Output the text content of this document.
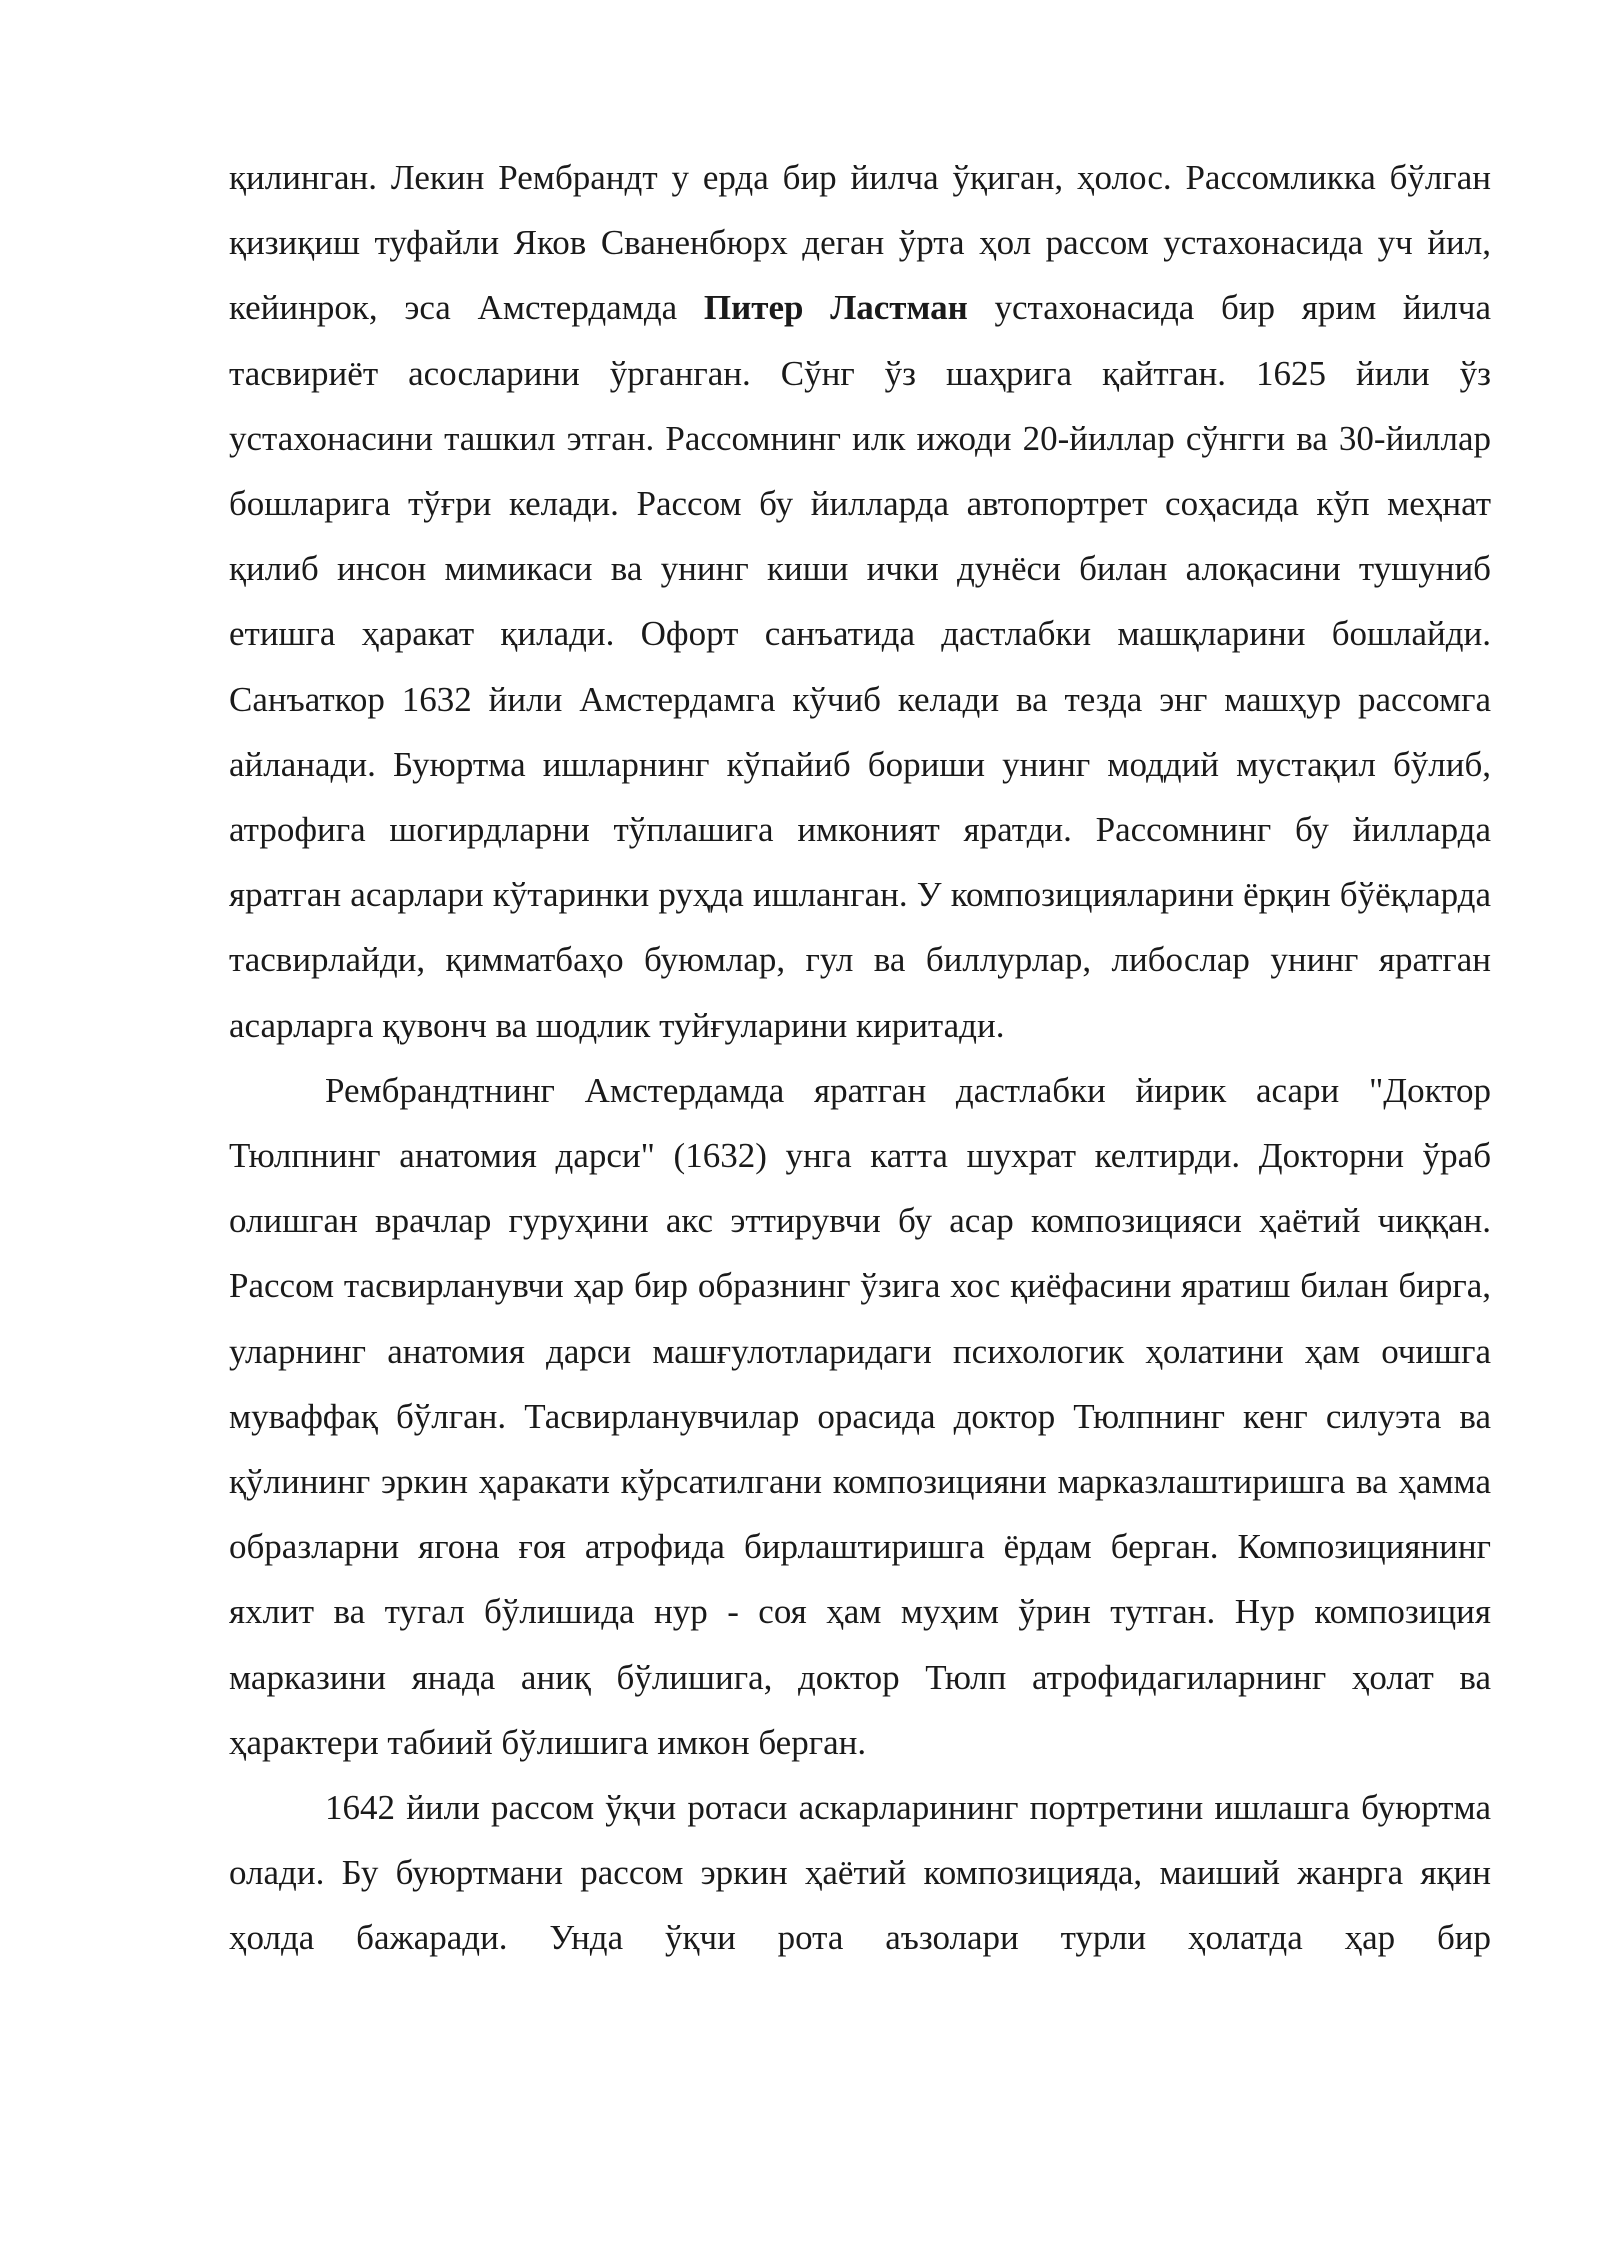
қилинган. Лекин Рембрандт у ерда бир йилча ўқиган, ҳолос. Рассомликка бўлган қизиқиш туфайли Яков Сваненбюрх деган ўрта ҳол рассом устахонасида уч йил, кейинрок, эса Амстердамда Питер Ластман устахонасида бир ярим йилча тасвириёт асосларини ўрганган. Сўнг ўз шаҳрига қайтган. 1625 йили ўз устахонасини ташкил этган. Рассомнинг илк ижоди 20-йиллар сўнгги ва 30-йиллар бошларига тўғри келади. Рассом бу йилларда автопортрет соҳасида кўп меҳнат қилиб инсон мимикаси ва унинг киши ички дунёси билан алоқасини тушуниб етишга ҳаракат қилади. Офорт санъатида дастлабки машқларини бошлайди. Санъаткор 1632 йили Амстердамга кўчиб келади ва тезда энг машҳур рассомга айланади. Буюртма ишларнинг кўпайиб бориши унинг моддий мустақил бўлиб, атрофига шогирдларни тўплашига имконият яратди. Рассомнинг бу йилларда яратган асарлари кўтаринки руҳда ишланган. У композицияларини ёрқин бўёқларда тасвирлайди, қимматбаҳо буюмлар, гул ва биллурлар, либослар унинг яратган асарларга қувонч ва шодлик туйғуларини киритади.

Рембрандтнинг Амстердамда яратган дастлабки йирик асари "Доктор Тюлпнинг анатомия дарси" (1632) унга катта шухрат келтирди. Докторни ўраб олишган врачлар гуруҳини акс эттирувчи бу асар композицияси ҳаётий чиққан. Рассом тасвирланувчи ҳар бир образнинг ўзига хос қиёфасини яратиш билан бирга, уларнинг анатомия дарси машғулотларидаги психологик ҳолатини ҳам очишга муваффақ бўлган. Тасвирланувчилар орасида доктор Тюлпнинг кенг силуэта ва қўлининг эркин ҳаракати кўрсатилгани композицияни марказлаштиришга ва ҳамма образларни ягона ғоя атрофида бирлаштиришга ёрдам берган. Композициянинг яхлит ва тугал бўлишида нур - соя ҳам муҳим ўрин тутган. Нур композиция марказини янада аниқ бўлишига, доктор Тюлп атрофидагиларнинг ҳолат ва ҳарактери табиий бўлишига имкон берган.

1642 йили рассом ўқчи ротаси аскарларининг портретини ишлашга буюртма олади. Бу буюртмани рассом эркин ҳаётий композицияда, маиший жанрга яқин ҳолда бажаради. Унда ўқчи рота аъзолари турли ҳолатда ҳар бир
